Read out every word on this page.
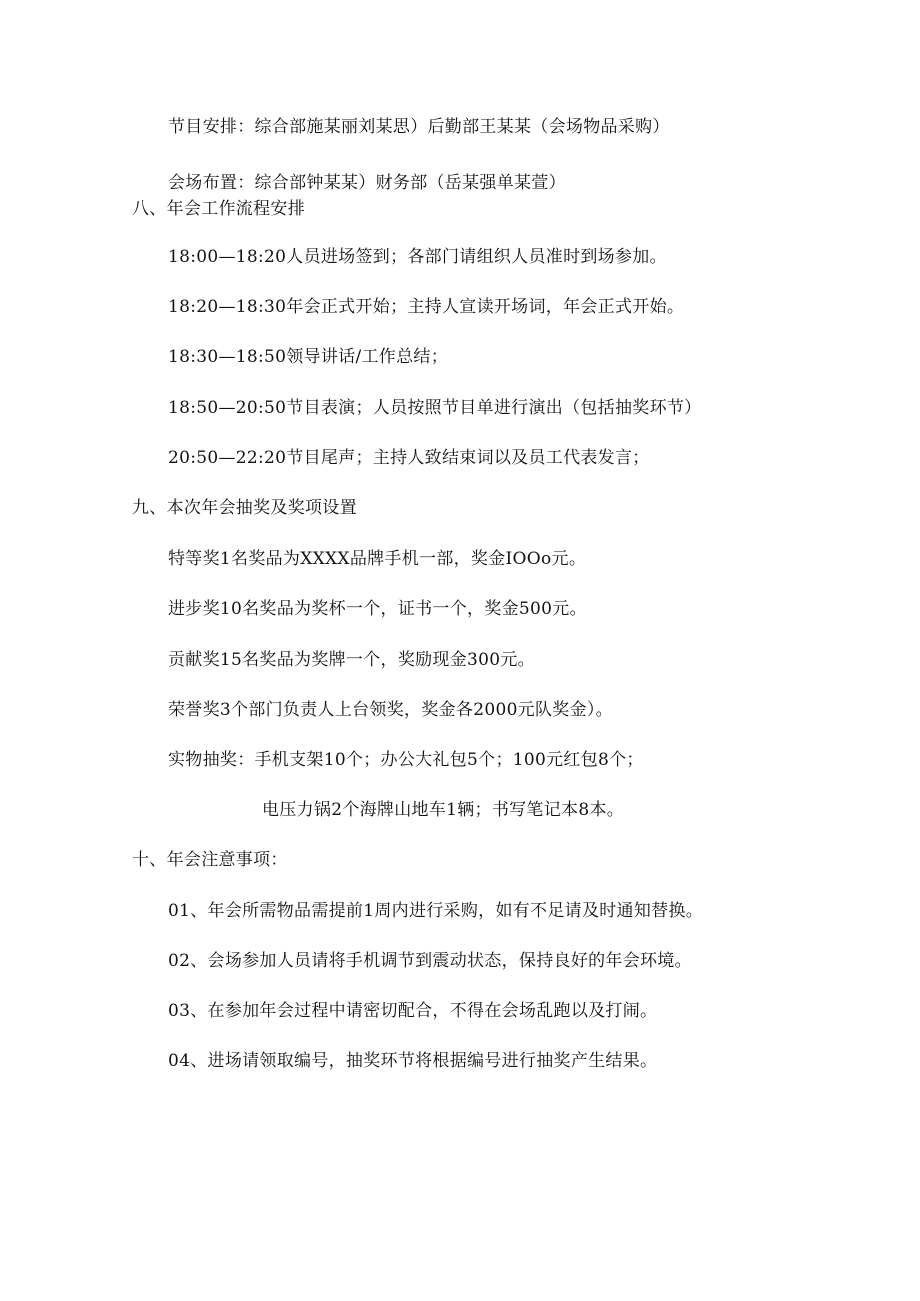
节目安排：综合部施某丽刘某思）后勤部王某某（会场物品采购）
会场布置：综合部钟某某）财务部（岳某强单某萱）
八、年会工作流程安排
18:00—18:20人员进场签到；各部门请组织人员准时到场参加。
18:20—18:30年会正式开始；主持人宣读开场词，年会正式开始。
18:30—18:50领导讲话/工作总结；
18:50—20:50节目表演；人员按照节目单进行演出（包括抽奖环节）
20:50—22:20节目尾声；主持人致结束词以及员工代表发言；
九、本次年会抽奖及奖项设置
特等奖1名奖品为XXXX品牌手机一部，奖金IOOo元。
进步奖10名奖品为奖杯一个，证书一个，奖金500元。
贡献奖15名奖品为奖牌一个，奖励现金300元。
荣誉奖3个部门负责人上台领奖，奖金各2000元队奖金）。
实物抽奖：手机支架10个；办公大礼包5个；100元红包8个；
电压力锅2个海牌山地车1辆；书写笔记本8本。
十、年会注意事项：
01、年会所需物品需提前1周内进行采购，如有不足请及时通知替换。
02、会场参加人员请将手机调节到震动状态，保持良好的年会环境。
03、在参加年会过程中请密切配合，不得在会场乱跑以及打闹。
04、进场请领取编号，抽奖环节将根据编号进行抽奖产生结果。
